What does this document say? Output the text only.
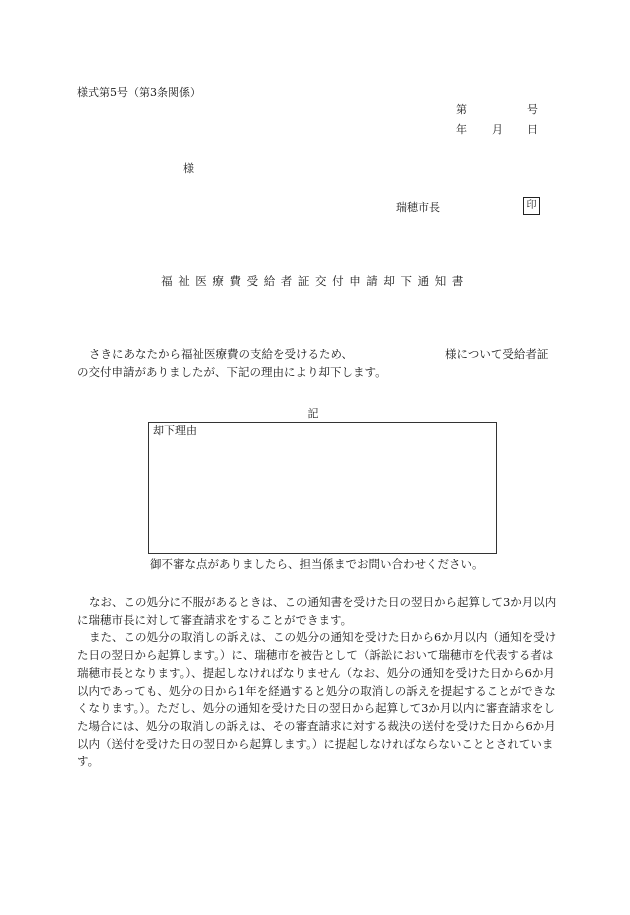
様式第5号（第3条関係）
第	号
年 月 日
様
瑞穂市長	印
福祉医療費受給者証交付申請却下通知書
さきにあなたから福祉医療費の支給を受けるため、	様について受給者証の交付申請がありましたが、下記の理由により却下します。
記
却下理由
御不審な点がありましたら、担当係までお問い合わせください。

なお、この処分に不服があるときは、この通知書を受けた日の翌日から起算して3か月以内に瑞穂市長に対して審査請求をすることができます。

また、この処分の取消しの訴えは、この処分の通知を受けた日から6か月以内（通知を受けた日の翌日から起算します。）に、瑞穂市を被告として（訴訟において瑞穂市を代表する者は瑞穂市長となります。）、提起しなければなりません（なお、処分の通知を受けた日から6か月以内であっても、処分の日から1年を経過すると処分の取消しの訴えを提起することができなくなります。）。ただし、処分の通知を受けた日の翌日から起算して3か月以内に審査請求をした場合には、処分の取消しの訴えは、その審査請求に対する裁決の送付を受けた日から6か月以内（送付を受けた日の翌日から起算します。）に提起しなければならないこととされています。
